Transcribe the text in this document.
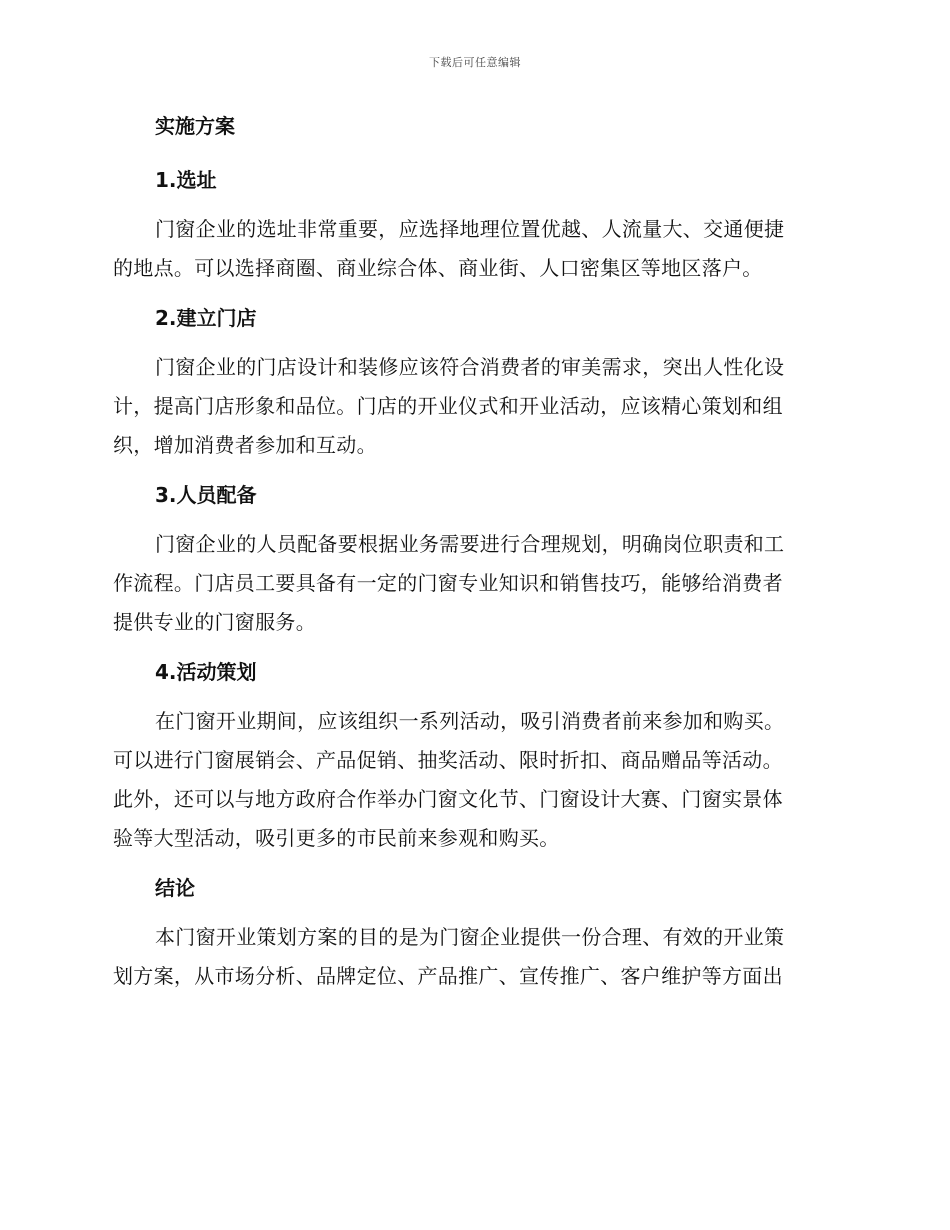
下载后可任意编辑
实施方案
1.选址
门窗企业的选址非常重要，应选择地理位置优越、人流量大、交通便捷
的地点。可以选择商圈、商业综合体、商业街、人口密集区等地区落户。
2.建立门店
门窗企业的门店设计和装修应该符合消费者的审美需求，突出人性化设
计，提高门店形象和品位。门店的开业仪式和开业活动，应该精心策划和组
织，增加消费者参加和互动。
3.人员配备
门窗企业的人员配备要根据业务需要进行合理规划，明确岗位职责和工
作流程。门店员工要具备有一定的门窗专业知识和销售技巧，能够给消费者
提供专业的门窗服务。
4.活动策划
在门窗开业期间，应该组织一系列活动，吸引消费者前来参加和购买。
可以进行门窗展销会、产品促销、抽奖活动、限时折扣、商品赠品等活动。
此外，还可以与地方政府合作举办门窗文化节、门窗设计大赛、门窗实景体
验等大型活动，吸引更多的市民前来参观和购买。
结论
本门窗开业策划方案的目的是为门窗企业提供一份合理、有效的开业策
划方案，从市场分析、品牌定位、产品推广、宣传推广、客户维护等方面出
